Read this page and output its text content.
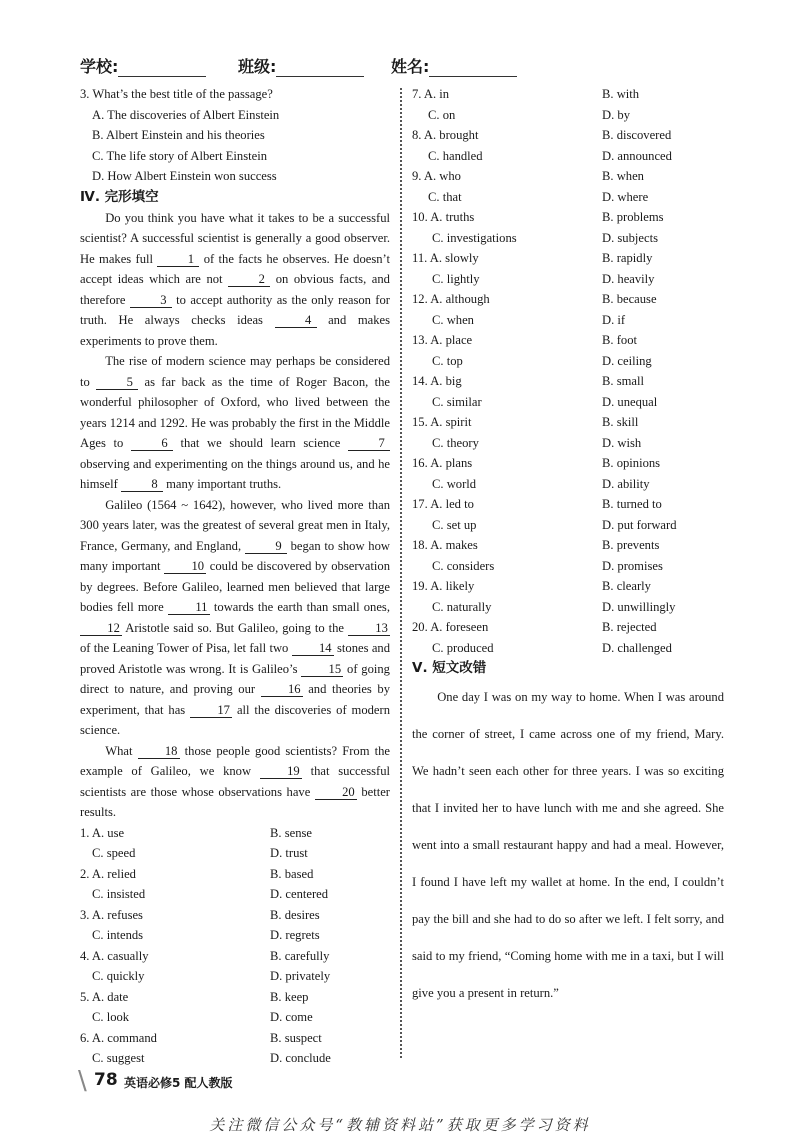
学校:	班级:	姓名:
3. What’s the best title of the passage?
A. The discoveries of Albert Einstein
B. Albert Einstein and his theories
C. The life story of Albert Einstein
D. How Albert Einstein won success
Ⅳ. 完形填空

Do you think you have what it takes to be a successful scientist? A successful scientist is generally a good observer. He makes full 1 of the facts he observes. He doesn’t accept ideas which are not 2 on obvious facts, and therefore 3 to accept authority as the only reason for truth. He always checks ideas 4 and makes experiments to prove them.

The rise of modern science may perhaps be considered to 5 as far back as the time of Roger Bacon, the wonderful philosopher of Oxford, who lived between the years 1214 and 1292. He was probably the first in the Middle Ages to 6 that we should learn science 7 observing and experimenting on the things around us, and he himself 8 many important truths.

Galileo (1564 ~ 1642), however, who lived more than 300 years later, was the greatest of several great men in Italy, France, Germany, and England, 9 began to show how many important 10 could be discovered by observation by degrees. Before Galileo, learned men believed that large bodies fell more 11 towards the earth than small ones, 12 Aristotle said so. But Galileo, going to the 13 of the Leaning Tower of Pisa, let fall two 14 stones and proved Aristotle was wrong. It is Galileo’s 15 of going direct to nature, and proving our 16 and theories by experiment, that has 17 all the discoveries of modern science.

What 18 those people good scientists? From the example of Galileo, we know 19 that successful scientists are those whose observations have 20 better results.

1. A. use	B. sense
C. speed	D. trust
2. A. relied	B. based
C. insisted	D. centered
3. A. refuses	B. desires
C. intends	D. regrets
4. A. casually	B. carefully
C. quickly	D. privately
5. A. date	B. keep
C. look	D. come
6. A. command	B. suspect
C. suggest	D. conclude
7. A. in	B. with
C. on	D. by
8. A. brought	B. discovered
C. handled	D. announced
9. A. who	B. when
C. that	D. where
10. A. truths	B. problems
C. investigations	D. subjects
11. A. slowly	B. rapidly
C. lightly	D. heavily
12. A. although	B. because
C. when	D. if
13. A. place	B. foot
C. top	D. ceiling
14. A. big	B. small
C. similar	D. unequal
15. A. spirit	B. skill
C. theory	D. wish
16. A. plans	B. opinions
C. world	D. ability
17. A. led to	B. turned to
C. set up	D. put forward
18. A. makes	B. prevents
C. considers	D. promises
19. A. likely	B. clearly
C. naturally	D. unwillingly
20. A. foreseen	B. rejected
C. produced	D. challenged
Ⅴ. 短文改错

One day I was on my way to home. When I was around the corner of street, I came across one of my friend, Mary. We hadn’t seen each other for three years. I was so exciting that I invited her to have lunch with me and she agreed. She went into a small restaurant happy and had a meal. However, I found I have left my wallet at home. In the end, I couldn’t pay the bill and she had to do so after we left. I felt sorry, and said to my friend, “Coming home with me in a taxi, but I will give you a present in return.”

\ 78 英语必修5 配人教版
关注微信公众号“教辅资料站”获取更多学习资料
